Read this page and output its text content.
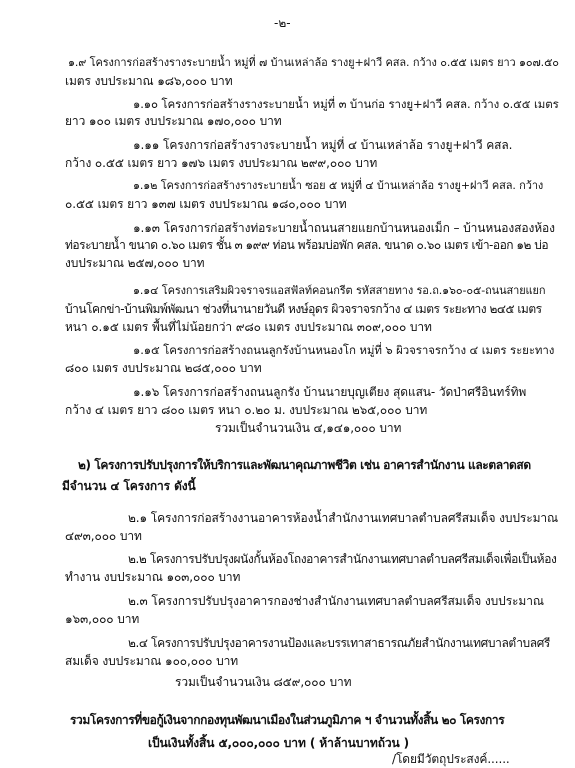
-๒-
๑.๙ โครงการก่อสร้างรางระบายน้ำ หมู่ที่ ๗ บ้านเหล่าล้อ รางยู+ฝาวี คสล. กว้าง ๐.๕๕ เมตร ยาว ๑๐๗.๕๐
เมตร งบประมาณ ๑๘๖,๐๐๐ บาท
๑.๑๐ โครงการก่อสร้างรางระบายน้ำ หมู่ที่ ๓ บ้านก่อ รางยู+ฝาวี คสล. กว้าง ๐.๕๕ เมตร
ยาว ๑๐๐ เมตร งบประมาณ ๑๗๐,๐๐๐ บาท
๑.๑๑ โครงการก่อสร้างรางระบายน้ำ หมู่ที่ ๔ บ้านเหล่าล้อ รางยู+ฝาวี คสล.
กว้าง ๐.๕๕ เมตร ยาว ๑๗๖ เมตร งบประมาณ ๒๙๙,๐๐๐ บาท
๑.๑๒ โครงการก่อสร้างรางระบายน้ำ ซอย ๕ หมู่ที่ ๔ บ้านเหล่าล้อ รางยู+ฝาวี คสล. กว้าง
๐.๕๕ เมตร ยาว ๑๓๗ เมตร งบประมาณ ๑๘๐,๐๐๐ บาท
๑.๑๓ โครงการก่อสร้างท่อระบายน้ำถนนสายแยกบ้านหนองเม็ก – บ้านหนองสองห้อง
ท่อระบายน้ำ ขนาด ๐.๖๐ เมตร ชั้น ๓ ๑๙๙ ท่อน พร้อมบ่อพัก คสล. ขนาด ๐.๖๐ เมตร เข้า-ออก ๑๒ บ่อ
งบประมาณ ๒๕๗,๐๐๐ บาท
๑.๑๔ โครงการเสริมผิวจราจรแอสฟัลท์คอนกรีต รหัสสายทาง รอ.ถ.๑๖๐-๐๕-ถนนสายแยก
บ้านโคกข่า-บ้านพิมพ์พัฒนา ช่วงที่นานายวันดี หงษ์อุดร ผิวจราจรกว้าง ๔ เมตร ระยะทาง ๒๔๕ เมตร
หนา ๐.๑๕ เมตร พื้นที่ไม่น้อยกว่า ๙๘๐ เมตร งบประมาณ ๓๐๙,๐๐๐ บาท
๑.๑๕ โครงการก่อสร้างถนนลูกรังบ้านหนองโก หมู่ที่ ๖ ผิวจราจรกว้าง ๔ เมตร ระยะทาง
๘๐๐ เมตร งบประมาณ ๒๘๕,๐๐๐ บาท
๑.๑๖ โครงการก่อสร้างถนนลูกรัง บ้านนายบุญเตียง สุดแสน- วัดป่าศรีอินทร์ทิพ
กว้าง ๔ เมตร ยาว ๘๐๐ เมตร หนา ๐.๒๐ ม. งบประมาณ ๒๖๕,๐๐๐ บาท
รวมเป็นจำนวนเงิน ๔,๑๔๑,๐๐๐ บาท
๒) โครงการปรับปรุงการให้บริการและพัฒนาคุณภาพชีวิต เช่น อาคารสำนักงาน และตลาดสด
มีจำนวน ๔ โครงการ ดังนี้
๒.๑ โครงการก่อสร้างงานอาคารห้องน้ำสำนักงานเทศบาลตำบลศรีสมเด็จ งบประมาณ
๔๙๓,๐๐๐ บาท
๒.๒ โครงการปรับปรุงผนังกั้นห้องโถงอาคารสำนักงานเทศบาลตำบลศรีสมเด็จเพื่อเป็นห้อง
ทำงาน งบประมาณ ๑๐๓,๐๐๐ บาท
๒.๓ โครงการปรับปรุงอาคารกองช่างสำนักงานเทศบาลตำบลศรีสมเด็จ งบประมาณ
๑๖๓,๐๐๐ บาท
๒.๔ โครงการปรับปรุงอาคารงานป้องและบรรเทาสาธารณภัยสำนักงานเทศบาลตำบลศรี
สมเด็จ งบประมาณ ๑๐๐,๐๐๐ บาท
รวมเป็นจำนวนเงิน ๘๕๙,๐๐๐ บาท
รวมโครงการที่ขอกู้เงินจากกองทุนพัฒนาเมืองในส่วนภูมิภาค ฯ จำนวนทั้งสิ้น ๒๐ โครงการ
เป็นเงินทั้งสิ้น ๕,๐๐๐,๐๐๐ บาท ( ห้าล้านบาทถ้วน )
/โดยมีวัตถุประสงค์......
